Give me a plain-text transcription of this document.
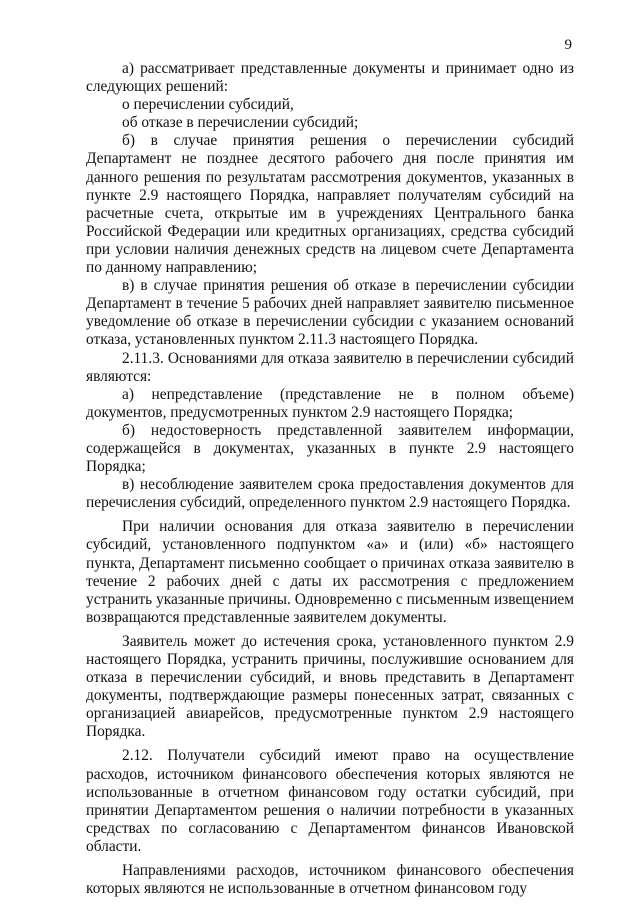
9

а) рассматривает представленные документы и принимает одно из следующих решений:

о перечислении субсидий,

об отказе в перечислении субсидий;

б) в случае принятия решения о перечислении субсидий Департамент не позднее десятого рабочего дня после принятия им данного решения по результатам рассмотрения документов, указанных в пункте 2.9 настоящего Порядка, направляет получателям субсидий на расчетные счета, открытые им в учреждениях Центрального банка Российской Федерации или кредитных организациях, средства субсидий при условии наличия денежных средств на лицевом счете Департамента по данному направлению;

в) в случае принятия решения об отказе в перечислении субсидии Департамент в течение 5 рабочих дней направляет заявителю письменное уведомление об отказе в перечислении субсидии с указанием оснований отказа, установленных пунктом 2.11.3 настоящего Порядка.

2.11.3. Основаниями для отказа заявителю в перечислении субсидий являются:

а) непредставление (представление не в полном объеме) документов, предусмотренных пунктом 2.9 настоящего Порядка;

б) недостоверность представленной заявителем информации, содержащейся в документах, указанных в пункте 2.9 настоящего Порядка;

в) несоблюдение заявителем срока предоставления документов для перечисления субсидий, определенного пунктом 2.9 настоящего Порядка.

При наличии основания для отказа заявителю в перечислении субсидий, установленного подпунктом «а» и (или) «б» настоящего пункта, Департамент письменно сообщает о причинах отказа заявителю в течение 2 рабочих дней с даты их рассмотрения с предложением устранить указанные причины. Одновременно с письменным извещением возвращаются представленные заявителем документы.

Заявитель может до истечения срока, установленного пунктом 2.9 настоящего Порядка, устранить причины, послужившие основанием для отказа в перечислении субсидий, и вновь представить в Департамент документы, подтверждающие размеры понесенных затрат, связанных с организацией авиарейсов, предусмотренные пунктом 2.9 настоящего Порядка.

2.12. Получатели субсидий имеют право на осуществление расходов, источником финансового обеспечения которых являются не использованные в отчетном финансовом году остатки субсидий, при принятии Департаментом решения о наличии потребности в указанных средствах по согласованию с Департаментом финансов Ивановской области.

Направлениями расходов, источником финансового обеспечения которых являются не использованные в отчетном финансовом году
